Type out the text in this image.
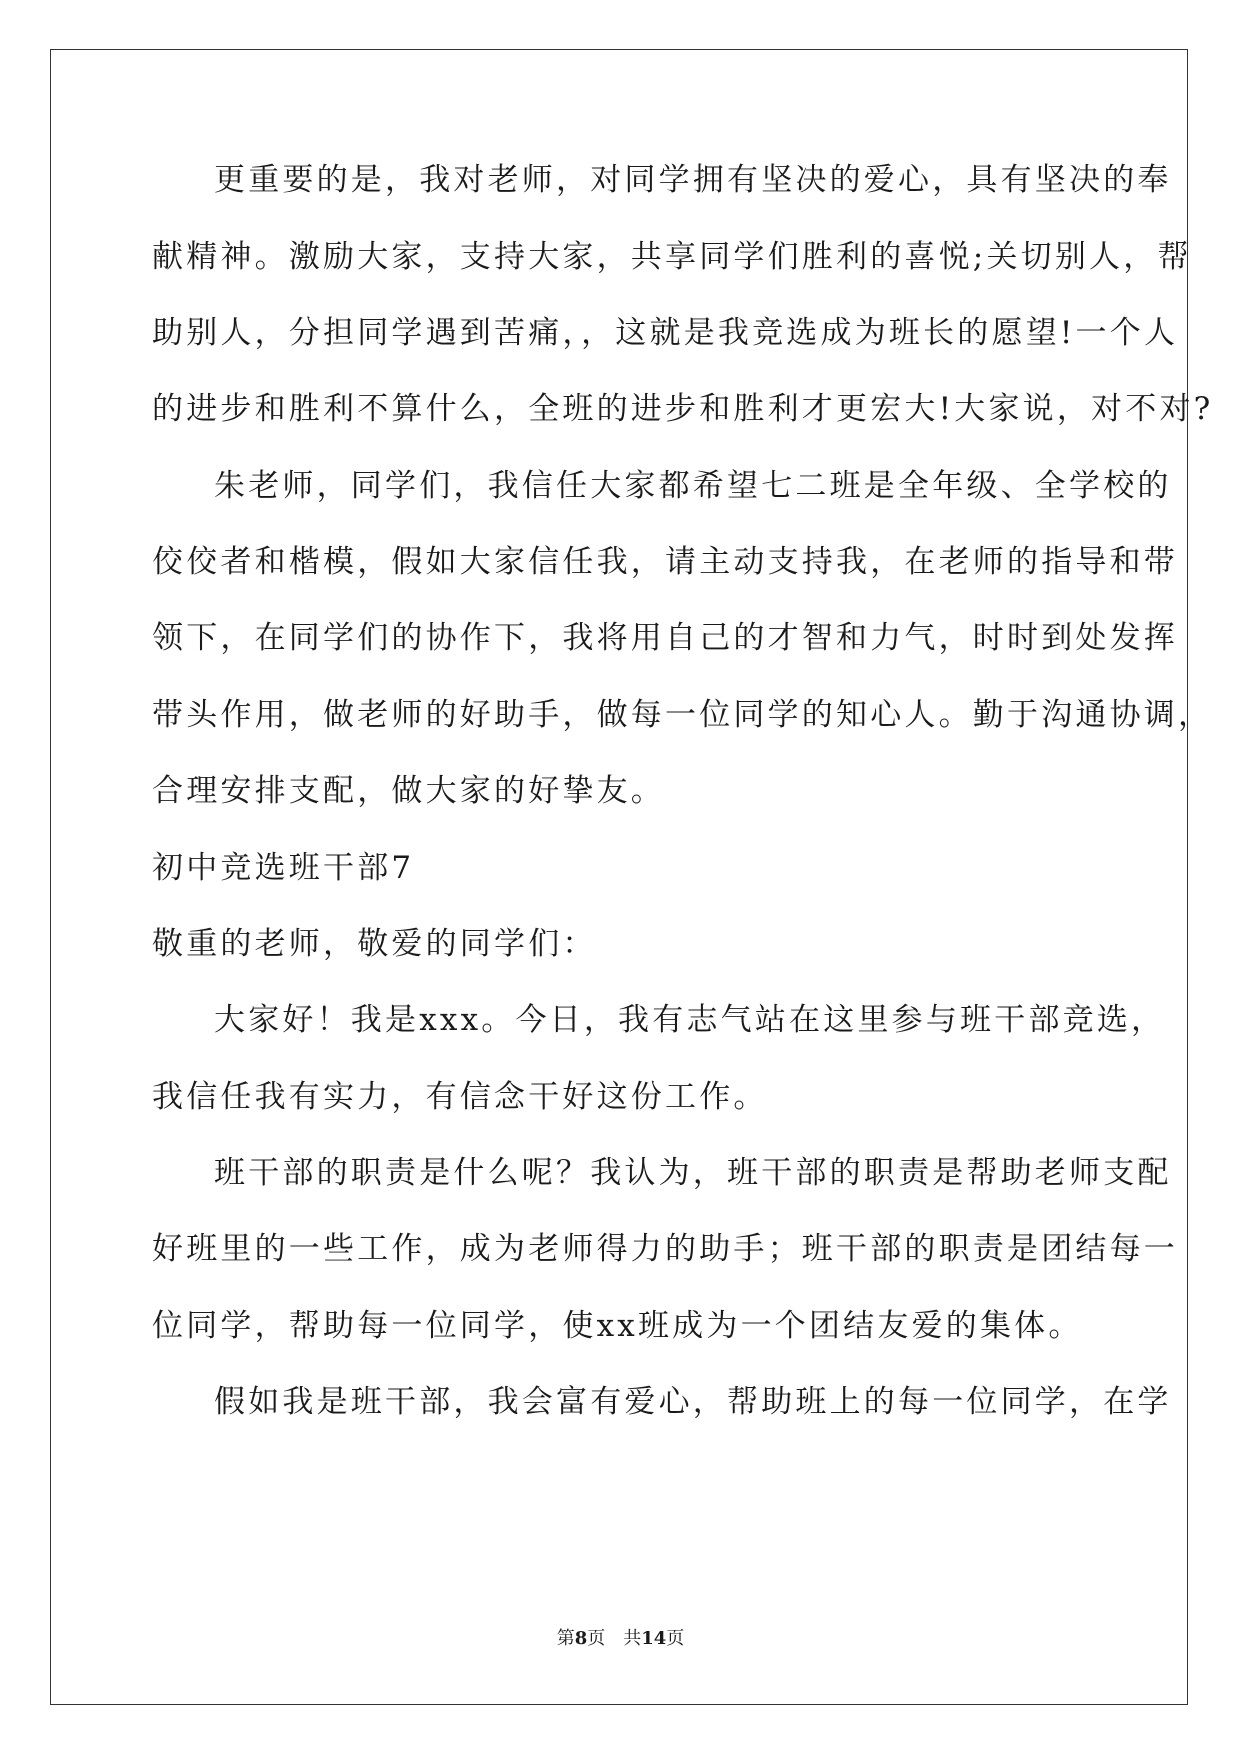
更重要的是，我对老师，对同学拥有坚决的爱心，具有坚决的奉
献精神。激励大家，支持大家，共享同学们胜利的喜悦;关切别人，帮
助别人，分担同学遇到苦痛，，这就是我竞选成为班长的愿望!一个人
的进步和胜利不算什么，全班的进步和胜利才更宏大!大家说，对不对?
朱老师，同学们，我信任大家都希望七二班是全年级、全学校的
佼佼者和楷模，假如大家信任我，请主动支持我，在老师的指导和带
领下，在同学们的协作下，我将用自己的才智和力气，时时到处发挥
带头作用，做老师的好助手，做每一位同学的知心人。勤于沟通协调，
合理安排支配，做大家的好挚友。
初中竞选班干部7
敬重的老师，敬爱的同学们：
大家好！我是xxx。今日，我有志气站在这里参与班干部竞选，
我信任我有实力，有信念干好这份工作。
班干部的职责是什么呢？我认为，班干部的职责是帮助老师支配
好班里的一些工作，成为老师得力的助手；班干部的职责是团结每一
位同学，帮助每一位同学，使xx班成为一个团结友爱的集体。
假如我是班干部，我会富有爱心，帮助班上的每一位同学，在学
第8页 共14页
